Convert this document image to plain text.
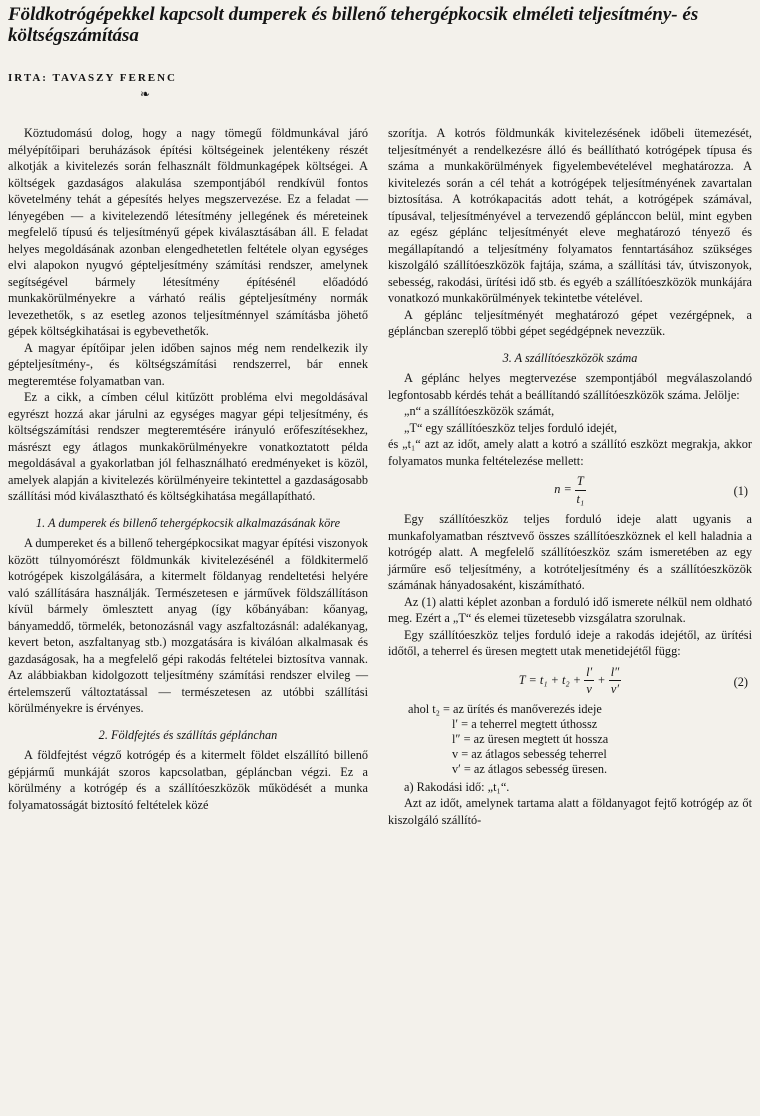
Földkotrógépekkel kapcsolt dumperek és billenő tehergépkocsik elméleti teljesítmény- és költségszámítása
IRTA: TAVASZY FERENC
❧

Köztudomású dolog, hogy a nagy tömegű földmunkával járó mélyépítőipari beruházások építési költségeinek jelentékeny részét alkotják a kivitelezés során felhasznált földmunkagépek költségei. A költségek gazdaságos alakulása szempontjából rendkívül fontos követelmény tehát a gépesítés helyes megszervezése. Ez a feladat — lényegében — a kivitelezendő létesítmény jellegének és méreteinek megfelelő típusú és teljesítményű gépek kiválasztásában áll. E feladat helyes megoldásának azonban elengedhetetlen feltétele olyan egységes elvi alapokon nyugvó gépteljesítmény számítási rendszer, amelynek segítségével bármely létesítmény építésénél előadódó munkakörülményekre a várható reális gépteljesítmény normák levezethetők, s az esetleg azonos teljesítménnyel számításba jöhető gépek költségkihatásai is egybevethetők.

A magyar építőipar jelen időben sajnos még nem rendelkezik ily gépteljesítmény-, és költségszámítási rendszerrel, bár ennek megteremtése folyamatban van.

Ez a cikk, a címben célul kitűzött probléma elvi megoldásával egyrészt hozzá akar járulni az egységes magyar gépi teljesítmény, és költségszámítási rendszer megteremtésére irányuló erőfeszítésekhez, másrészt egy átlagos munkakörülményekre vonatkoztatott példa megoldásával a gyakorlatban jól felhasználható eredményeket is közöl, amelyek alapján a kivitelezés körülményeire tekintettel a gazdaságosabb szállítási mód kiválasztható és költségkihatása megállapítható.

1. A dumperek és billenő tehergépkocsik alkalmazásának köre

A dumpereket és a billenő tehergépkocsikat magyar építési viszonyok között túlnyomórészt földmunkák kivitelezésénél a földkitermelő kotrógépek kiszolgálására, a kitermelt földanyag rendeltetési helyére való szállítására használják. Természetesen e járművek földszállításon kívül bármely ömlesztett anyag (így kőbányában: kőanyag, bányameddő, törmelék, betonozásnál vagy aszfaltozásnál: adalékanyag, kevert beton, aszfaltanyag stb.) mozgatására is kiválóan alkalmasak és gazdaságosak, ha a megfelelő gépi rakodás feltételei biztosítva vannak. Az alábbiakban kidolgozott teljesítmény számítási rendszer elvileg — értelemszerű változtatással — természetesen az utóbbi szállítási körülményekre is érvényes.

2. Földfejtés és szállítás géplánchan

A földfejtést végző kotrógép és a kitermelt földet elszállító billenő gépjármű munkáját szoros kapcsolatban, gépláncban végzi. Ez a körülmény a kotrógép és a szállítóeszközök működését a munka folyamatosságát biztosító feltételek közé

szorítja. A kotrós földmunkák kivitelezésének időbeli ütemezését, teljesítményét a rendelkezésre álló és beállítható kotrógépek típusa és száma a munkakörülmények figyelembevételével meghatározza. A kivitelezés során a cél tehát a kotrógépek teljesítményének zavartalan biztosítása. A kotrókapacitás adott tehát, a kotrógépek számával, típusával, teljesítményével a tervezendő géplánccon belül, mint egyben az egész géplánc teljesítményét eleve meghatározó tényező és megállapítandó a teljesítmény folyamatos fenntartásához szükséges kiszolgáló szállítóeszközök fajtája, száma, a szállítási táv, útviszonyok, sebesség, rakodási, ürítési idő stb. és egyéb a szállítóeszközök munkájára vonatkozó munkakörülmények tekintetbe vételével.

A géplánc teljesítményét meghatározó gépet vezérgépnek, a gépláncban szereplő többi gépet segédgépnek nevezzük.

3. A szállítóeszközök száma

A géplánc helyes megtervezése szempontjából megválaszolandó legfontosabb kérdés tehát a beállítandó szállítóeszközök száma. Jelölje:

„n“ a szállítóeszközök számát,

„T“ egy szállítóeszköz teljes forduló idejét,

és „t₁“ azt az időt, amely alatt a kotró a szállító eszközt megrakja, akkor folyamatos munka feltételezése mellett:

$n = \frac{T}{\text{t₁}}$	(1)

Egy szállítóeszköz teljes forduló ideje alatt ugyanis a munkafolyamatban résztvevő összes szállítóeszköznek el kell haladnia a kotrógép alatt. A megfelelő szállítóeszköz szám ismeretében az egy járműre eső teljesítmény, a kotróteljesítmény és a szállítóeszközök számának hányadosaként, kiszámítható.

Az (1) alatti képlet azonban a forduló idő ismerete nélkül nem oldható meg. Ezért a „T“ és elemei tüzetesebb vizsgálatra szorulnak.

Egy szállítóeszköz teljes forduló ideje a rakodás idejétől, az ürítési időtől, a teherrel és üresen megtett utak menetidejétől függ:

$T = t_1 + t_2 + \frac{l'}{v} + \frac{l''}{v'}$	(2)
ahol t₂ = az ürítés és manőverezés ideje
l′ = a teherrel megtett úthossz
l″ = az üresen megtett út hossza
v = az átlagos sebesség teherrel
v′ = az átlagos sebesség üresen.

a) Rakodási idő: „t₁“.

Azt az időt, amelynek tartama alatt a földanyagot fejtő kotrógép az őt kiszolgáló szállító-
